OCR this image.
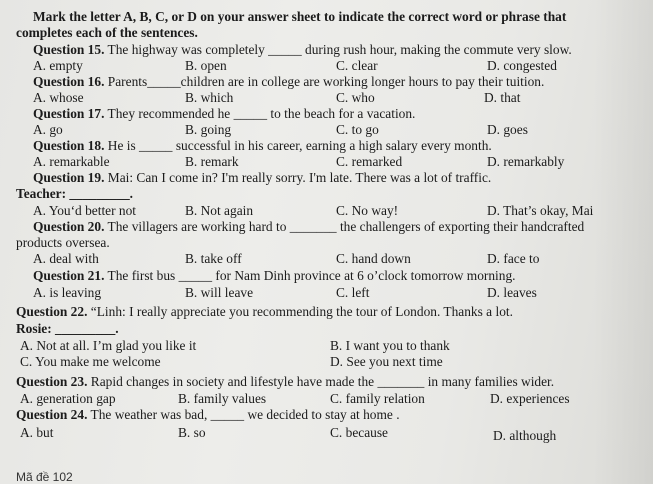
Mark the letter A, B, C, or D on your answer sheet to indicate the correct word or phrase that
completes each of the sentences.
Question 15. The highway was completely _____ during rush hour, making the commute very slow.
A. empty	B. open	C. clear	D. congested
Question 16. Parents_____children are in college are working longer hours to pay their tuition.
A. whose	B. which	C. who	D. that
Question 17. They recommended he _____ to the beach for a vacation.
A. go	B. going	C. to go	D. goes
Question 18. He is _____ successful in his career, earning a high salary every month.
A. remarkable	B. remark	C. remarked	D. remarkably
Question 19. Mai: Can I come in? I'm really sorry. I'm late. There was a lot of traffic.
Teacher: _________.
A. You‘d better not	B. Not again	C. No way!	D. That’s okay, Mai
Question 20. The villagers are working hard to _______ the challengers of exporting their handcrafted
products oversea.
A. deal with	B. take off	C. hand down	D. face to
Question 21. The first bus _____ for Nam Dinh province at 6 o’clock tomorrow morning.
A. is leaving	B. will leave	C. left	D. leaves
Question 22. “Linh: I really appreciate you recommending the tour of London. Thanks a lot.
Rosie: _________.
A. Not at all. I’m glad you like it	B. I want you to thank
C. You make me welcome	D. See you next time
Question 23. Rapid changes in society and lifestyle have made the _______ in many families wider.
A. generation gap	B. family values	C. family relation	D. experiences
Question 24. The weather was bad, _____ we decided to stay at home .
A. but	B. so	C. because	D. although
Mã đề 102
